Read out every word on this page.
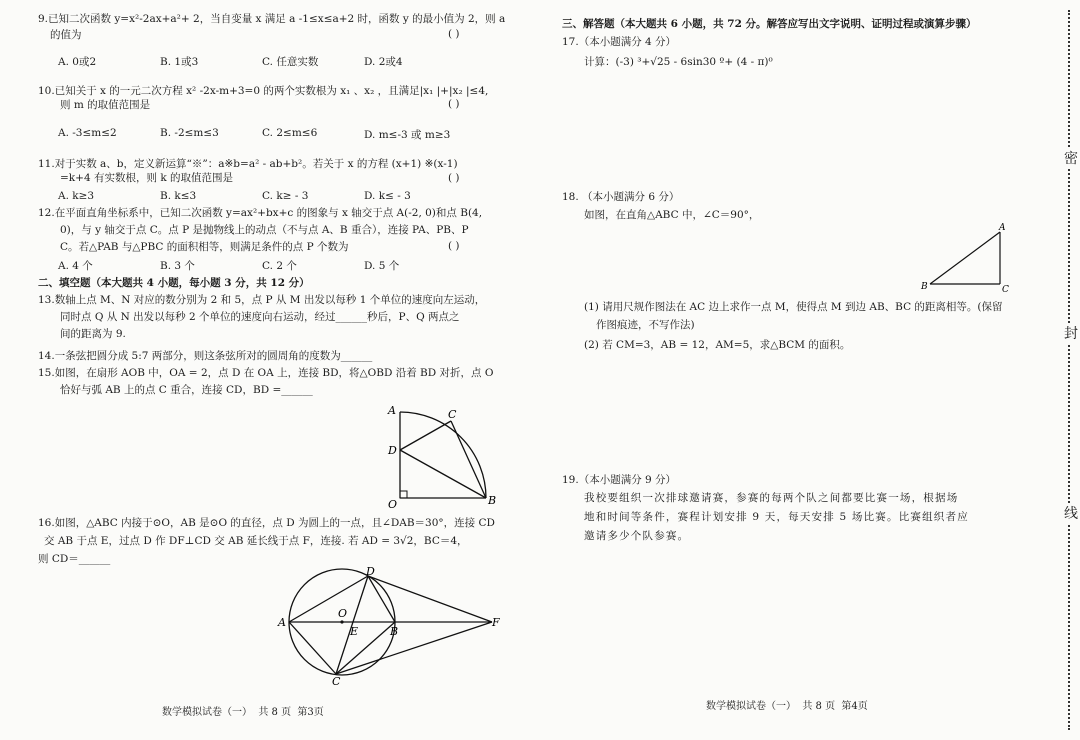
9.已知二次函数 y=x²-2ax+a²+ 2，当自变量 x 满足 a -1≤x≤a+2 时，函数 y 的最小值为 2，则 a
的值为	( )
A. 0或2	B. 1或3	C. 任意实数	D. 2或4
10.已知关于 x 的一元二次方程 x² -2x-m+3=0 的两个实数根为 x₁ 、x₂ ，且满足|x₁ |+|x₂ |≤4,
则 m 的取值范围是	( )
A. -3≤m≤2	B. -2≤m≤3	C. 2≤m≤6	D. m≤-3 或 m≥3
11.对于实数 a、b，定义新运算“※”：a※b=a² - ab+b²。若关于 x 的方程 (x+1) ※(x-1)
=k+4 有实数根，则 k 的取值范围是	( )
A. k≥3	B. k≤3	C. k≥ - 3	D. k≤ - 3
12.在平面直角坐标系中，已知二次函数 y=ax²+bx+c 的图象与 x 轴交于点 A(-2, 0)和点 B(4,
0)，与 y 轴交于点 C。点 P 是抛物线上的动点（不与点 A、B 重合），连接 PA、PB、P
C。若△PAB 与△PBC 的面积相等，则满足条件的点 P 个数为	( )
A. 4 个	B. 3 个	C. 2 个	D. 5 个
二、填空题（本大题共 4 小题，每小题 3 分，共 12 分）
13.数轴上点 M、N 对应的数分别为 2 和 5，点 P 从 M 出发以每秒 1 个单位的速度向左运动，
同时点 Q 从 N 出发以每秒 2 个单位的速度向右运动，经过______秒后，P、Q 两点之
间的距离为 9.
14.一条弦把圆分成 5:7 两部分，则这条弦所对的圆周角的度数为______
15.如图，在扇形 AOB 中，OA = 2，点 D 在 OA 上，连接 BD，将△OBD 沿着 BD 对折，点 O
恰好与弧 AB 上的点 C 重合，连接 CD，BD =______
A	C
D
O	B
16.如图，△ABC 内接于⊙O，AB 是⊙O 的直径，点 D 为圆上的一点，且∠DAB＝30°，连接 CD
交 AB 于点 E，过点 D 作 DF⊥CD 交 AB 延长线于点 F，连接. 若 AD = 3√2，BC＝4，
则 CD＝______
D
O
A
E	B
F
C
数学模拟试卷（一）  共 8 页  第3页
三、解答题（本大题共 6 小题，共 72 分。解答应写出文字说明、证明过程或演算步骤）
17.（本小题满分 4 分）
计算：(-3) ³+√25 - 6sin30 º+ (4 - π)⁰
18. （本小题满分 6 分）
如图，在直角△ABC 中，∠C＝90°，
A
B	C
(1) 请用尺规作图法在 AC 边上求作一点 M，使得点 M 到边 AB、BC 的距离相等。(保留
作图痕迹，不写作法)
(2) 若 CM=3，AB = 12，AM=5，求△BCM 的面积。
19.（本小题满分 9 分）
我校要组织一次排球邀请赛，参赛的每两个队之间都要比赛一场，根据场
地和时间等条件，赛程计划安排 9 天，每天安排 5 场比赛。比赛组织者应
邀请多少个队参赛。
数学模拟试卷（一）  共 8 页  第4页
密
封
线
